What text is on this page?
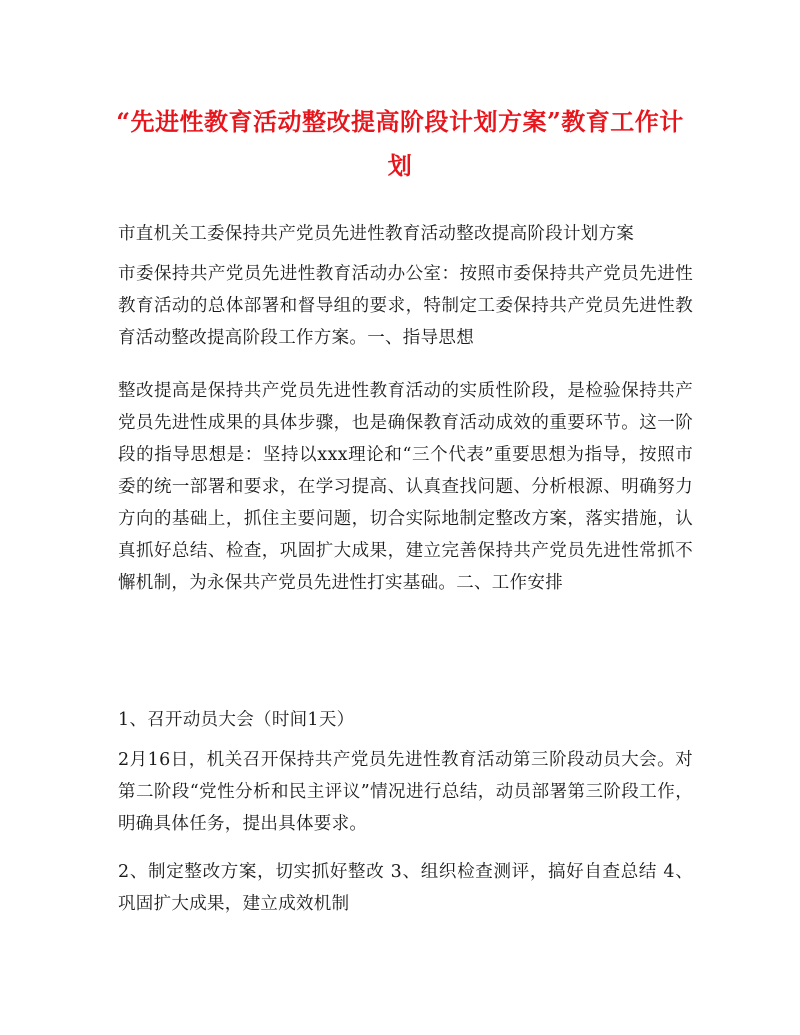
“先进性教育活动整改提高阶段计划方案”教育工作计划

市直机关工委保持共产党员先进性教育活动整改提高阶段计划方案

市委保持共产党员先进性教育活动办公室：按照市委保持共产党员先进性教育活动的总体部署和督导组的要求，特制定工委保持共产党员先进性教育活动整改提高阶段工作方案。一、指导思想

整改提高是保持共产党员先进性教育活动的实质性阶段，是检验保持共产党员先进性成果的具体步骤，也是确保教育活动成效的重要环节。这一阶段的指导思想是：坚持以xxx理论和“三个代表”重要思想为指导，按照市委的统一部署和要求，在学习提高、认真查找问题、分析根源、明确努力方向的基础上，抓住主要问题，切合实际地制定整改方案，落实措施，认真抓好总结、检查，巩固扩大成果，建立完善保持共产党员先进性常抓不懈机制，为永保共产党员先进性打实基础。二、工作安排

1、召开动员大会（时间1天）

2月16日，机关召开保持共产党员先进性教育活动第三阶段动员大会。对第二阶段“党性分析和民主评议”情况进行总结，动员部署第三阶段工作，明确具体任务，提出具体要求。

2、制定整改方案，切实抓好整改 3、组织检查测评，搞好自查总结 4、巩固扩大成果，建立成效机制
